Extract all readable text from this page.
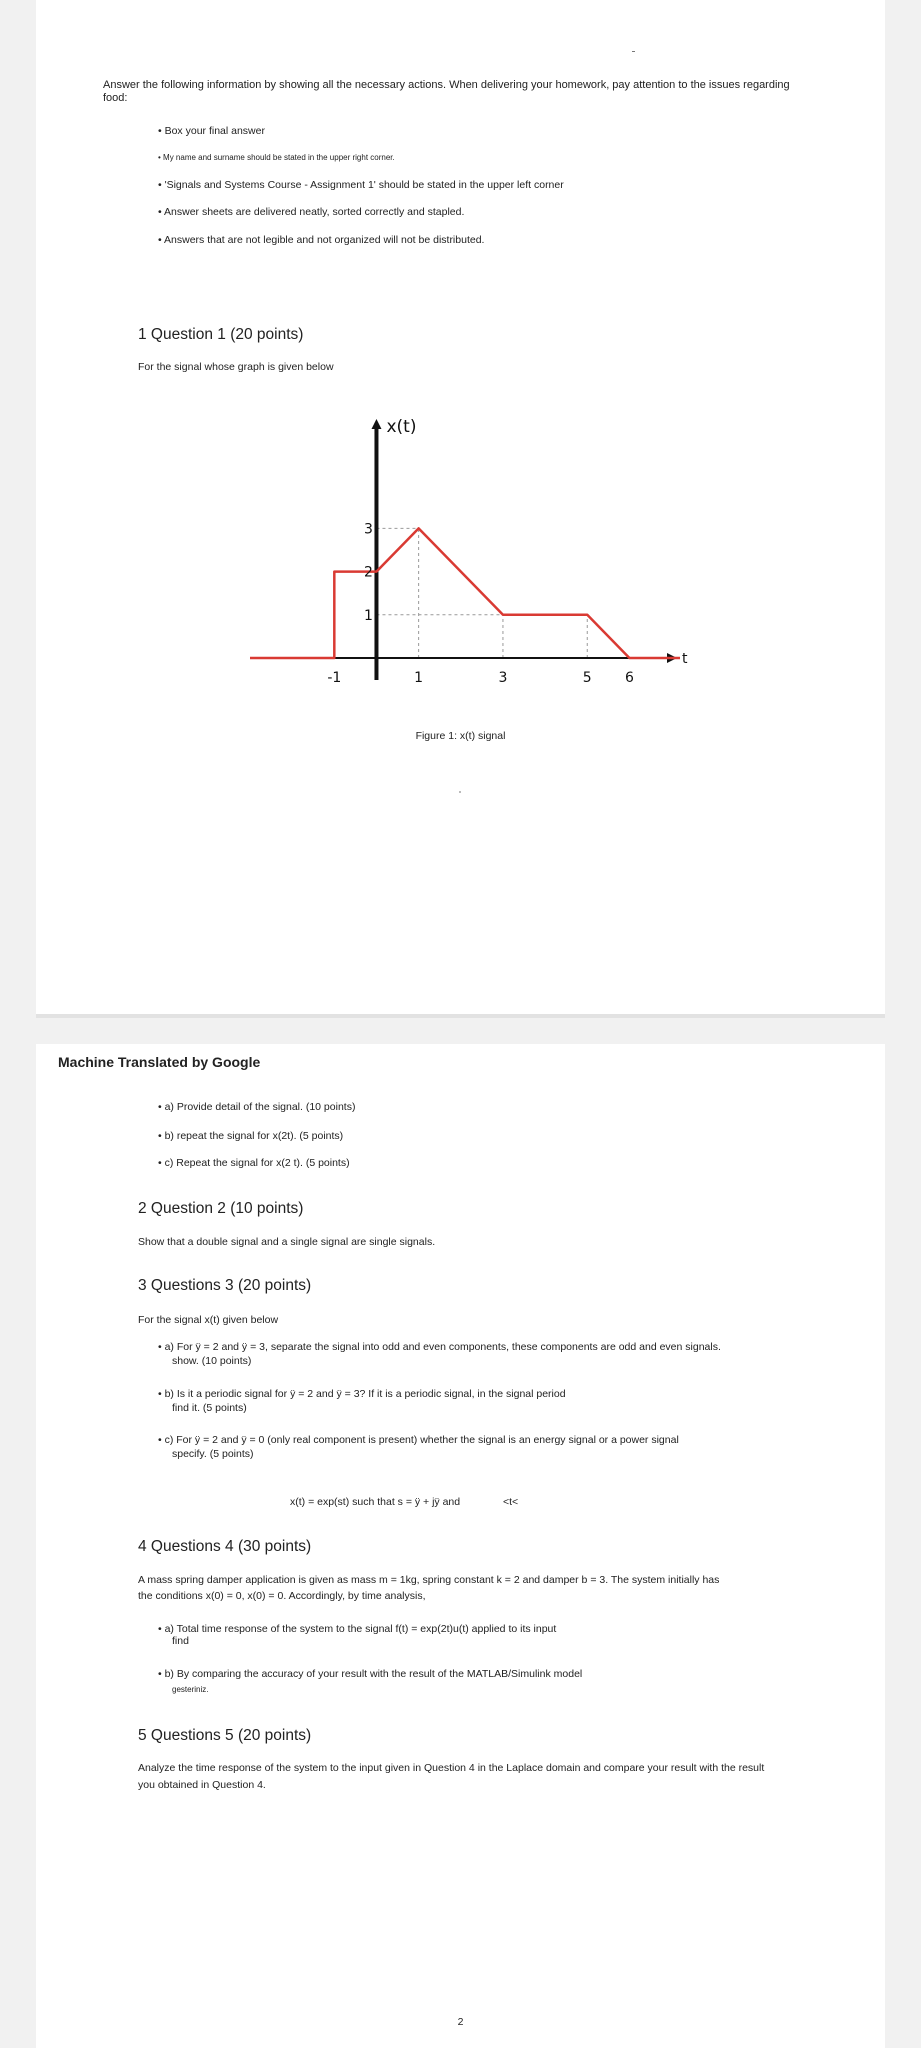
Answer the following information by showing all the necessary actions. When delivering your homework, pay attention to the issues regarding food:
• Box your final answer
• My name and surname should be stated in the upper right corner.
• 'Signals and Systems Course - Assignment 1' should be stated in the upper left corner
• Answer sheets are delivered neatly, sorted correctly and stapled.
• Answers that are not legible and not organized will not be distributed.
1 Question 1 (20 points)
For the signal whose graph is given below
-1	1	3	5 6
1
2
3
x(t)
t
Figure 1: x(t) signal
Machine Translated by Google
• a) Provide detail of the signal. (10 points)
• b) repeat the signal for x(2t). (5 points)
• c) Repeat the signal for x(2 t). (5 points)
2 Question 2 (10 points)
Show that a double signal and a single signal are single signals.
3 Questions 3 (20 points)
For the signal x(t) given below
• a) For ÿ = 2 and ÿ = 3, separate the signal into odd and even components, these components are odd and even signals.
show. (10 points)
• b) Is it a periodic signal for ÿ = 2 and ÿ = 3? If it is a periodic signal, in the signal period
find it. (5 points)
• c) For ÿ = 2 and ÿ = 0 (only real component is present) whether the signal is an energy signal or a power signal
specify. (5 points)
x(t) = exp(st) such that s = ÿ + jÿ and	<t<
4 Questions 4 (30 points)
A mass spring damper application is given as mass m = 1kg, spring constant k = 2 and damper b = 3. The system initially has
the conditions x(0) = 0, x(0) = 0. Accordingly, by time analysis,
• a) Total time response of the system to the signal f(t) = exp(2t)u(t) applied to its input
find
• b) By comparing the accuracy of your result with the result of the MATLAB/Simulink model
gesteriniz.
5 Questions 5 (20 points)
Analyze the time response of the system to the input given in Question 4 in the Laplace domain and compare your result with the result
you obtained in Question 4.
2
